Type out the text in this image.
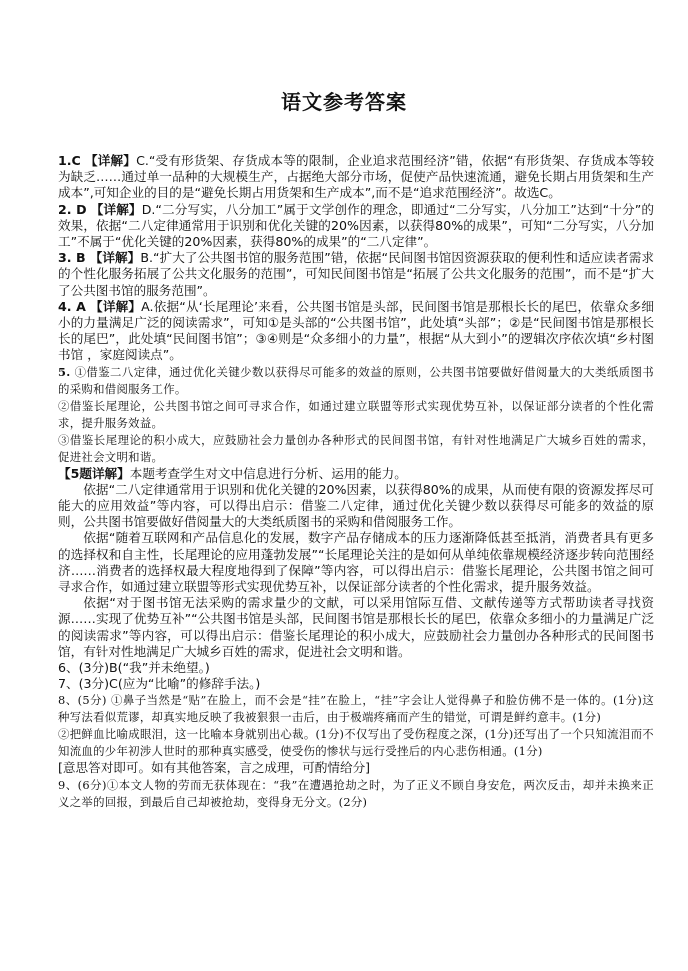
语文参考答案

1.C 【详解】C.“受有形货架、存货成本等的限制，企业追求范围经济”错，依据“有形货架、存货成本等较为缺乏……通过单一品种的大规模生产，占据绝大部分市场，促使产品快速流通，避免长期占用货架和生产成本”,可知企业的目的是“避免长期占用货架和生产成本”,而不是“追求范围经济”。故选C。

2. D 【详解】D.“二分写实，八分加工”属于文学创作的理念，即通过“二分写实，八分加工”达到“十分”的效果，依据“二八定律通常用于识别和优化关键的20%因素，以获得80%的成果”，可知“二分写实，八分加工”不属于“优化关键的20%因素，获得80%的成果”的“二八定律”。

3. B 【详解】B.“扩大了公共图书馆的服务范围”错，依据“民间图书馆因资源获取的便利性和适应读者需求的个性化服务拓展了公共文化服务的范围”，可知民间图书馆是“拓展了公共文化服务的范围”，而不是“扩大了公共图书馆的服务范围”。

4. A 【详解】A.依据“从‘长尾理论’来看，公共图书馆是头部，民间图书馆是那根长长的尾巴，依靠众多细小的力量满足广泛的阅读需求”，可知①是头部的“公共图书馆”，此处填“头部”；②是“民间图书馆是那根长长的尾巴”，此处填“民间图书馆”；③④则是“众多细小的力量”，根据“从大到小”的逻辑次序依次填“乡村图书馆 ，家庭阅读点”。

5. ①借鉴二八定律，通过优化关键少数以获得尽可能多的效益的原则，公共图书馆要做好借阅量大的大类纸质图书的采购和借阅服务工作。

②借鉴长尾理论，公共图书馆之间可寻求合作，如通过建立联盟等形式实现优势互补，以保证部分读者的个性化需求，提升服务效益。

③借鉴长尾理论的积小成大，应鼓励社会力量创办各种形式的民间图书馆，有针对性地满足广大城乡百姓的需求，促进社会文明和谐。

【5题详解】本题考查学生对文中信息进行分析、运用的能力。

依据“二八定律通常用于识别和优化关键的20%因素，以获得80%的成果，从而使有限的资源发挥尽可能大的应用效益”等内容，可以得出启示：借鉴二八定律，通过优化关键少数以获得尽可能多的效益的原则，公共图书馆要做好借阅量大的大类纸质图书的采购和借阅服务工作。

依据“随着互联网和产品信息化的发展，数字产品存储成本的压力逐渐降低甚至抵消，消费者具有更多的选择权和自主性，长尾理论的应用蓬勃发展”“长尾理论关注的是如何从单纯依靠规模经济逐步转向范围经济……消费者的选择权最大程度地得到了保障”等内容，可以得出启示：借鉴长尾理论，公共图书馆之间可寻求合作，如通过建立联盟等形式实现优势互补，以保证部分读者的个性化需求，提升服务效益。

依据“对于图书馆无法采购的需求量少的文献，可以采用馆际互借、文献传递等方式帮助读者寻找资源……实现了优势互补”“公共图书馆是头部，民间图书馆是那根长长的尾巴，依靠众多细小的力量满足广泛的阅读需求”等内容，可以得出启示：借鉴长尾理论的积小成大，应鼓励社会力量创办各种形式的民间图书馆，有针对性地满足广大城乡百姓的需求，促进社会文明和谐。

6、(3分)B(“我”并未绝望。)

7、(3分)C(应为“比喻”的修辞手法。)

8、(5分) ①鼻子当然是“贴”在脸上，而不会是“挂”在脸上，“挂”字会让人觉得鼻子和脸仿佛不是一体的。(1分)这种写法看似荒谬，却真实地反映了我被狠狠一击后，由于极端疼痛而产生的错觉，可谓是鲜约意丰。(1分)

②把鲜血比喻成眼泪，这一比喻本身就别出心裁。(1分)不仅写出了受伤程度之深，(1分)还写出了一个只知流泪而不知流血的少年初涉人世时的那种真实感受，使受伤的惨状与远行受挫后的内心悲伤相通。(1分)

[意思答对即可。如有其他答案，言之成理，可酌情给分]

9、(6分)①本文人物的劳而无获体现在：“我”在遭遇抢劫之时，为了正义不顾自身安危，两次反击，却并未换来正义之举的回报，到最后自己却被抢劫，变得身无分文。(2分)
